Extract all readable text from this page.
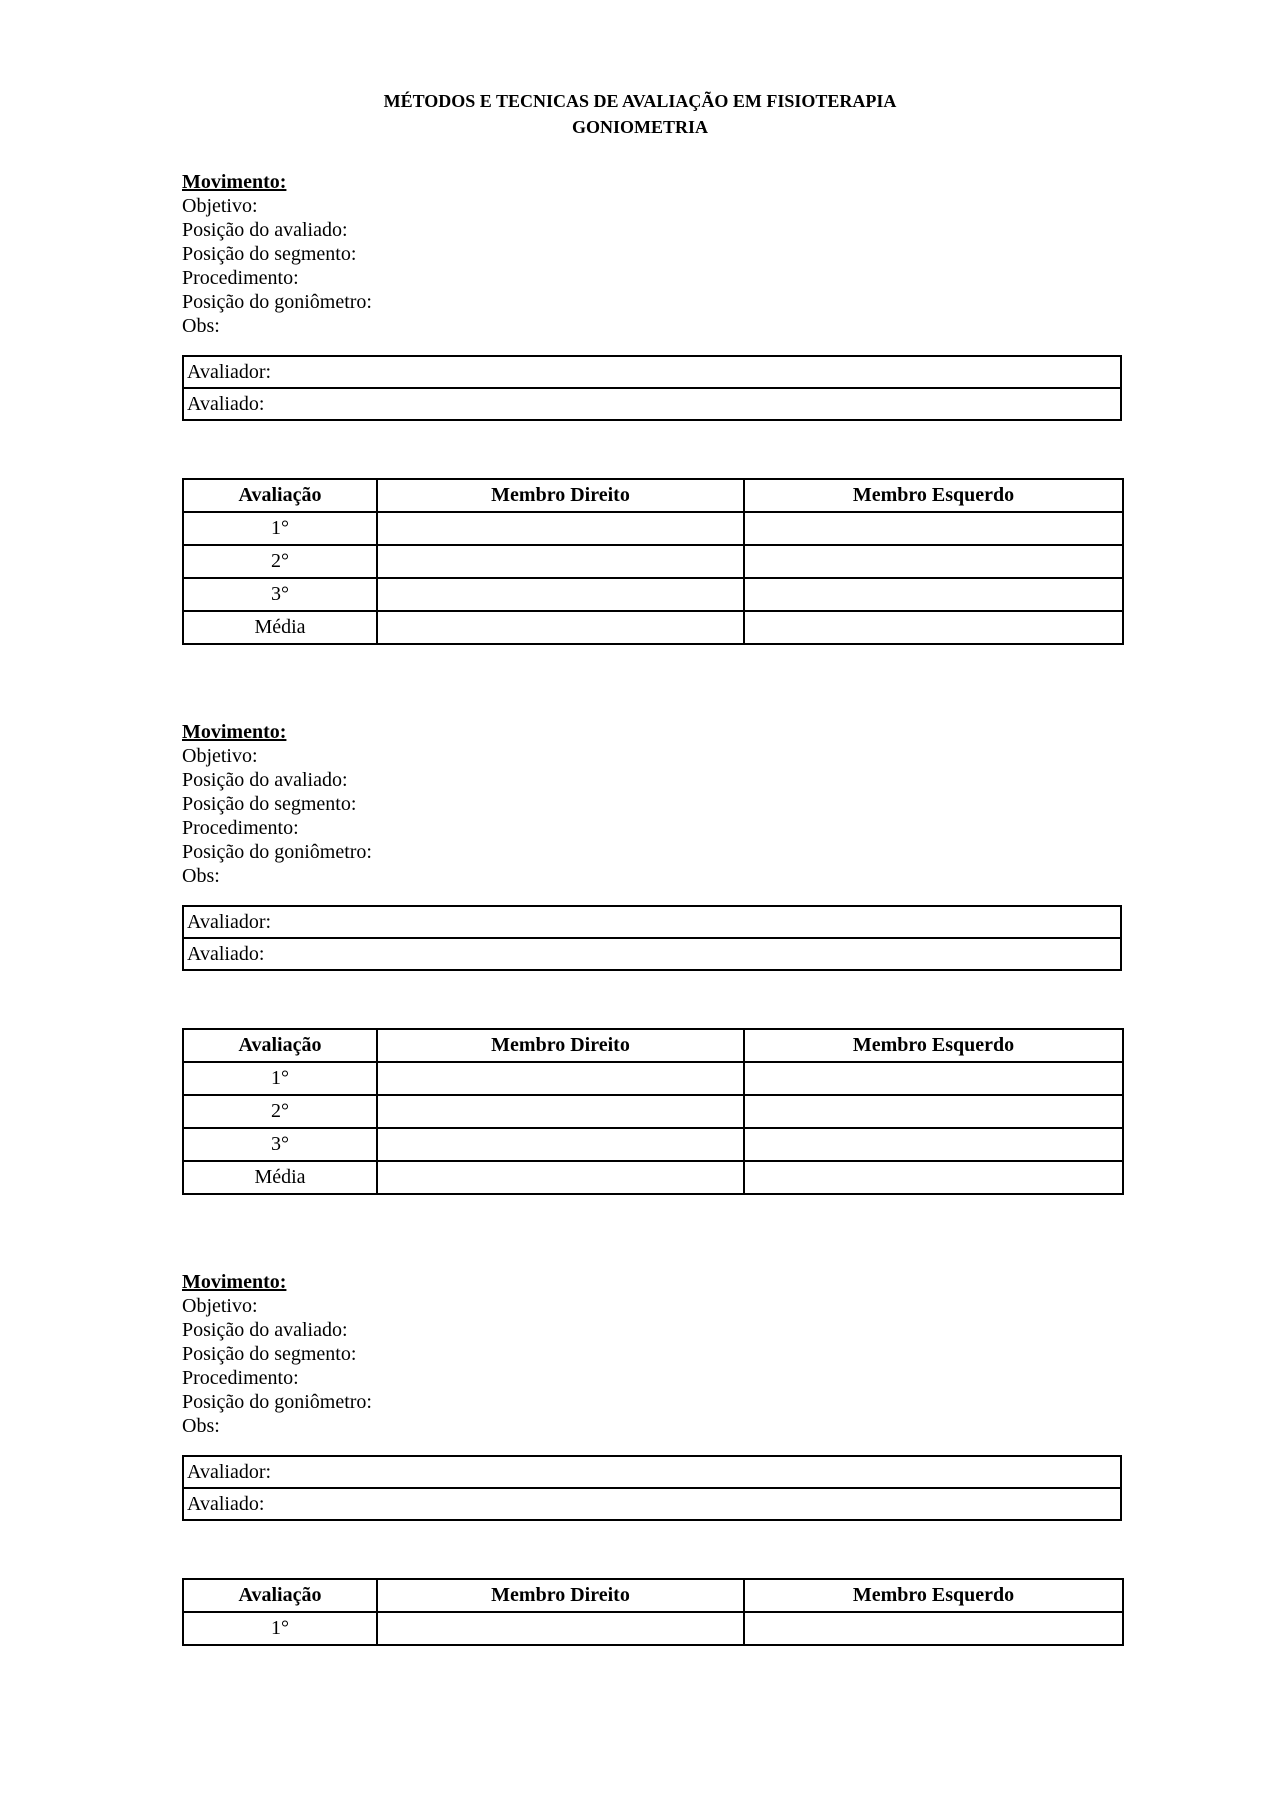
MÉTODOS E TECNICAS DE AVALIAÇÃO EM FISIOTERAPIA
GONIOMETRIA
Movimento:
Objetivo:
Posição do avaliado:
Posição do segmento:
Procedimento:
Posição do goniômetro:
Obs:
Avaliador:
Avaliado:
Avaliação	Membro Direito	Membro Esquerdo
1°		
2°		
3°		
Média		
Movimento:
Objetivo:
Posição do avaliado:
Posição do segmento:
Procedimento:
Posição do goniômetro:
Obs:
Avaliador:
Avaliado:
Avaliação	Membro Direito	Membro Esquerdo
1°		
2°		
3°		
Média		
Movimento:
Objetivo:
Posição do avaliado:
Posição do segmento:
Procedimento:
Posição do goniômetro:
Obs:
Avaliador:
Avaliado:
Avaliação	Membro Direito	Membro Esquerdo
1°		
